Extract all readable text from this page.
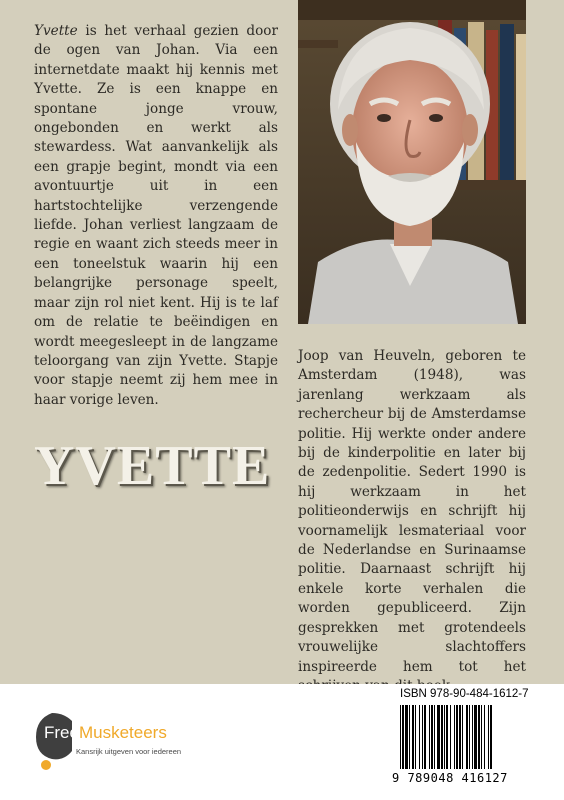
Yvette is het verhaal gezien door de ogen van Johan. Via een internetdate maakt hij kennis met Yvette. Ze is een knappe en spontane jonge vrouw, ongebonden en werkt als stewardess. Wat aanvankelijk als een grapje begint, mondt via een avontuurtje uit in een hartstochtelijke verzengende liefde. Johan verliest langzaam de regie en waant zich steeds meer in een toneelstuk waarin hij een belangrijke personage speelt, maar zijn rol niet kent. Hij is te laf om de relatie te beëindigen en wordt meegesleept in de langzame teloorgang van zijn Yvette. Stapje voor stapje neemt zij hem mee in haar vorige leven.

Joop van Heuveln, geboren te Amsterdam (1948), was jarenlang werkzaam als rechercheur bij de Amsterdamse politie. Hij werkte onder andere bij de kinderpolitie en later bij de zedenpolitie. Sedert 1990 is hij werkzaam in het politieonderwijs en schrijft hij voornamelijk lesmateriaal voor de Nederlandse en Surinaamse politie. Daarnaast schrijft hij enkele korte verhalen die worden gepubliceerd. Zijn gesprekken met grotendeels vrouwelijke slachtoffers inspireerde hem tot het

YVETTE
FreeMusketeers
Kansrijk uitgeven voor iedereen
ISBN 978-90-484-1612-7
9 789048 416127
